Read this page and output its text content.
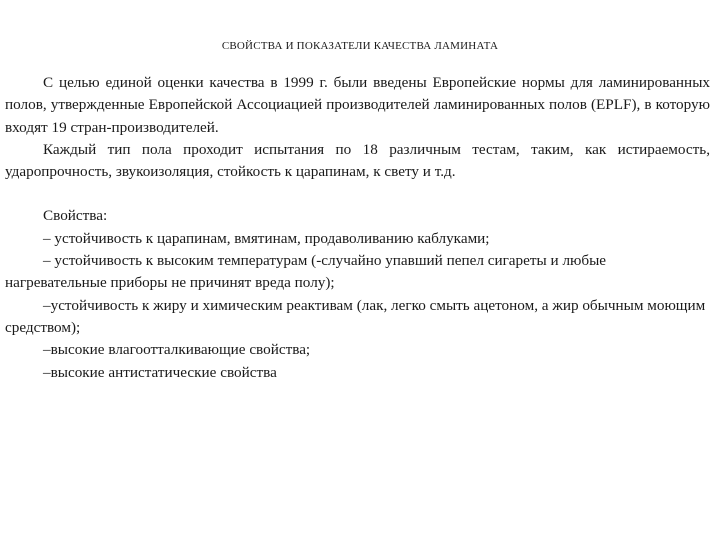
СВОЙСТВА И ПОКАЗАТЕЛИ КАЧЕСТВА ЛАМИНАТА

С целью единой оценки качества в 1999 г. были введены Европейские нормы для ламинированных полов, утвержденные Европейской Ассоциацией производителей ламинированных полов (EPLF), в которую входят 19 стран-производителей.

Каждый тип пола проходит испытания по 18 различным тестам, таким, как истираемость, ударопрочность, звукоизоляция, стойкость к царапинам, к свету и т.д.

Свойства:

– устойчивость к царапинам, вмятинам, продаволиванию каблуками;

– устойчивость к высоким температурам (-случайно упавший пепел сигареты и любые нагревательные приборы не причинят вреда полу);

–устойчивость к жиру и химическим реактивам (лак, легко смыть ацетоном, а жир обычным моющим средством);

–высокие влагоотталкивающие свойства;

–высокие антистатические свойства
